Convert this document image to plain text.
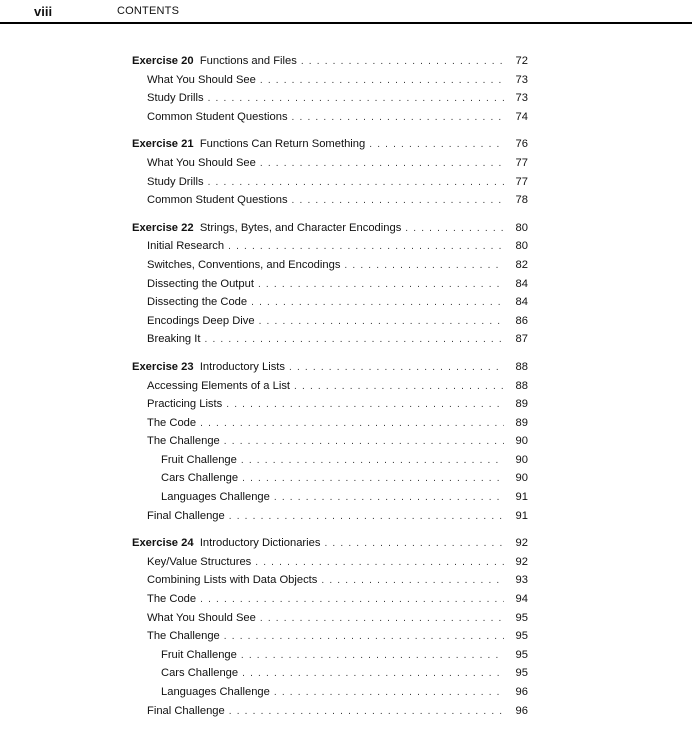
viii	CONTENTS
Exercise 20 Functions and Files . . .	72
What You Should See . . .	73
Study Drills . . .	73
Common Student Questions . . .	74
Exercise 21 Functions Can Return Something . . .	76
What You Should See . . .	77
Study Drills . . .	77
Common Student Questions . . .	78
Exercise 22 Strings, Bytes, and Character Encodings . . .	80
Initial Research . . .	80
Switches, Conventions, and Encodings . . .	82
Dissecting the Output . . .	84
Dissecting the Code . . .	84
Encodings Deep Dive . . .	86
Breaking It . . .	87
Exercise 23 Introductory Lists . . .	88
Accessing Elements of a List . . .	88
Practicing Lists . . .	89
The Code . . .	89
The Challenge . . .	90
Fruit Challenge . . .	90
Cars Challenge . . .	90
Languages Challenge . . .	91
Final Challenge . . .	91
Exercise 24 Introductory Dictionaries . . .	92
Key/Value Structures . . .	92
Combining Lists with Data Objects . . .	93
The Code . . .	94
What You Should See . . .	95
The Challenge . . .	95
Fruit Challenge . . .	95
Cars Challenge . . .	95
Languages Challenge . . .	96
Final Challenge . . .	96
